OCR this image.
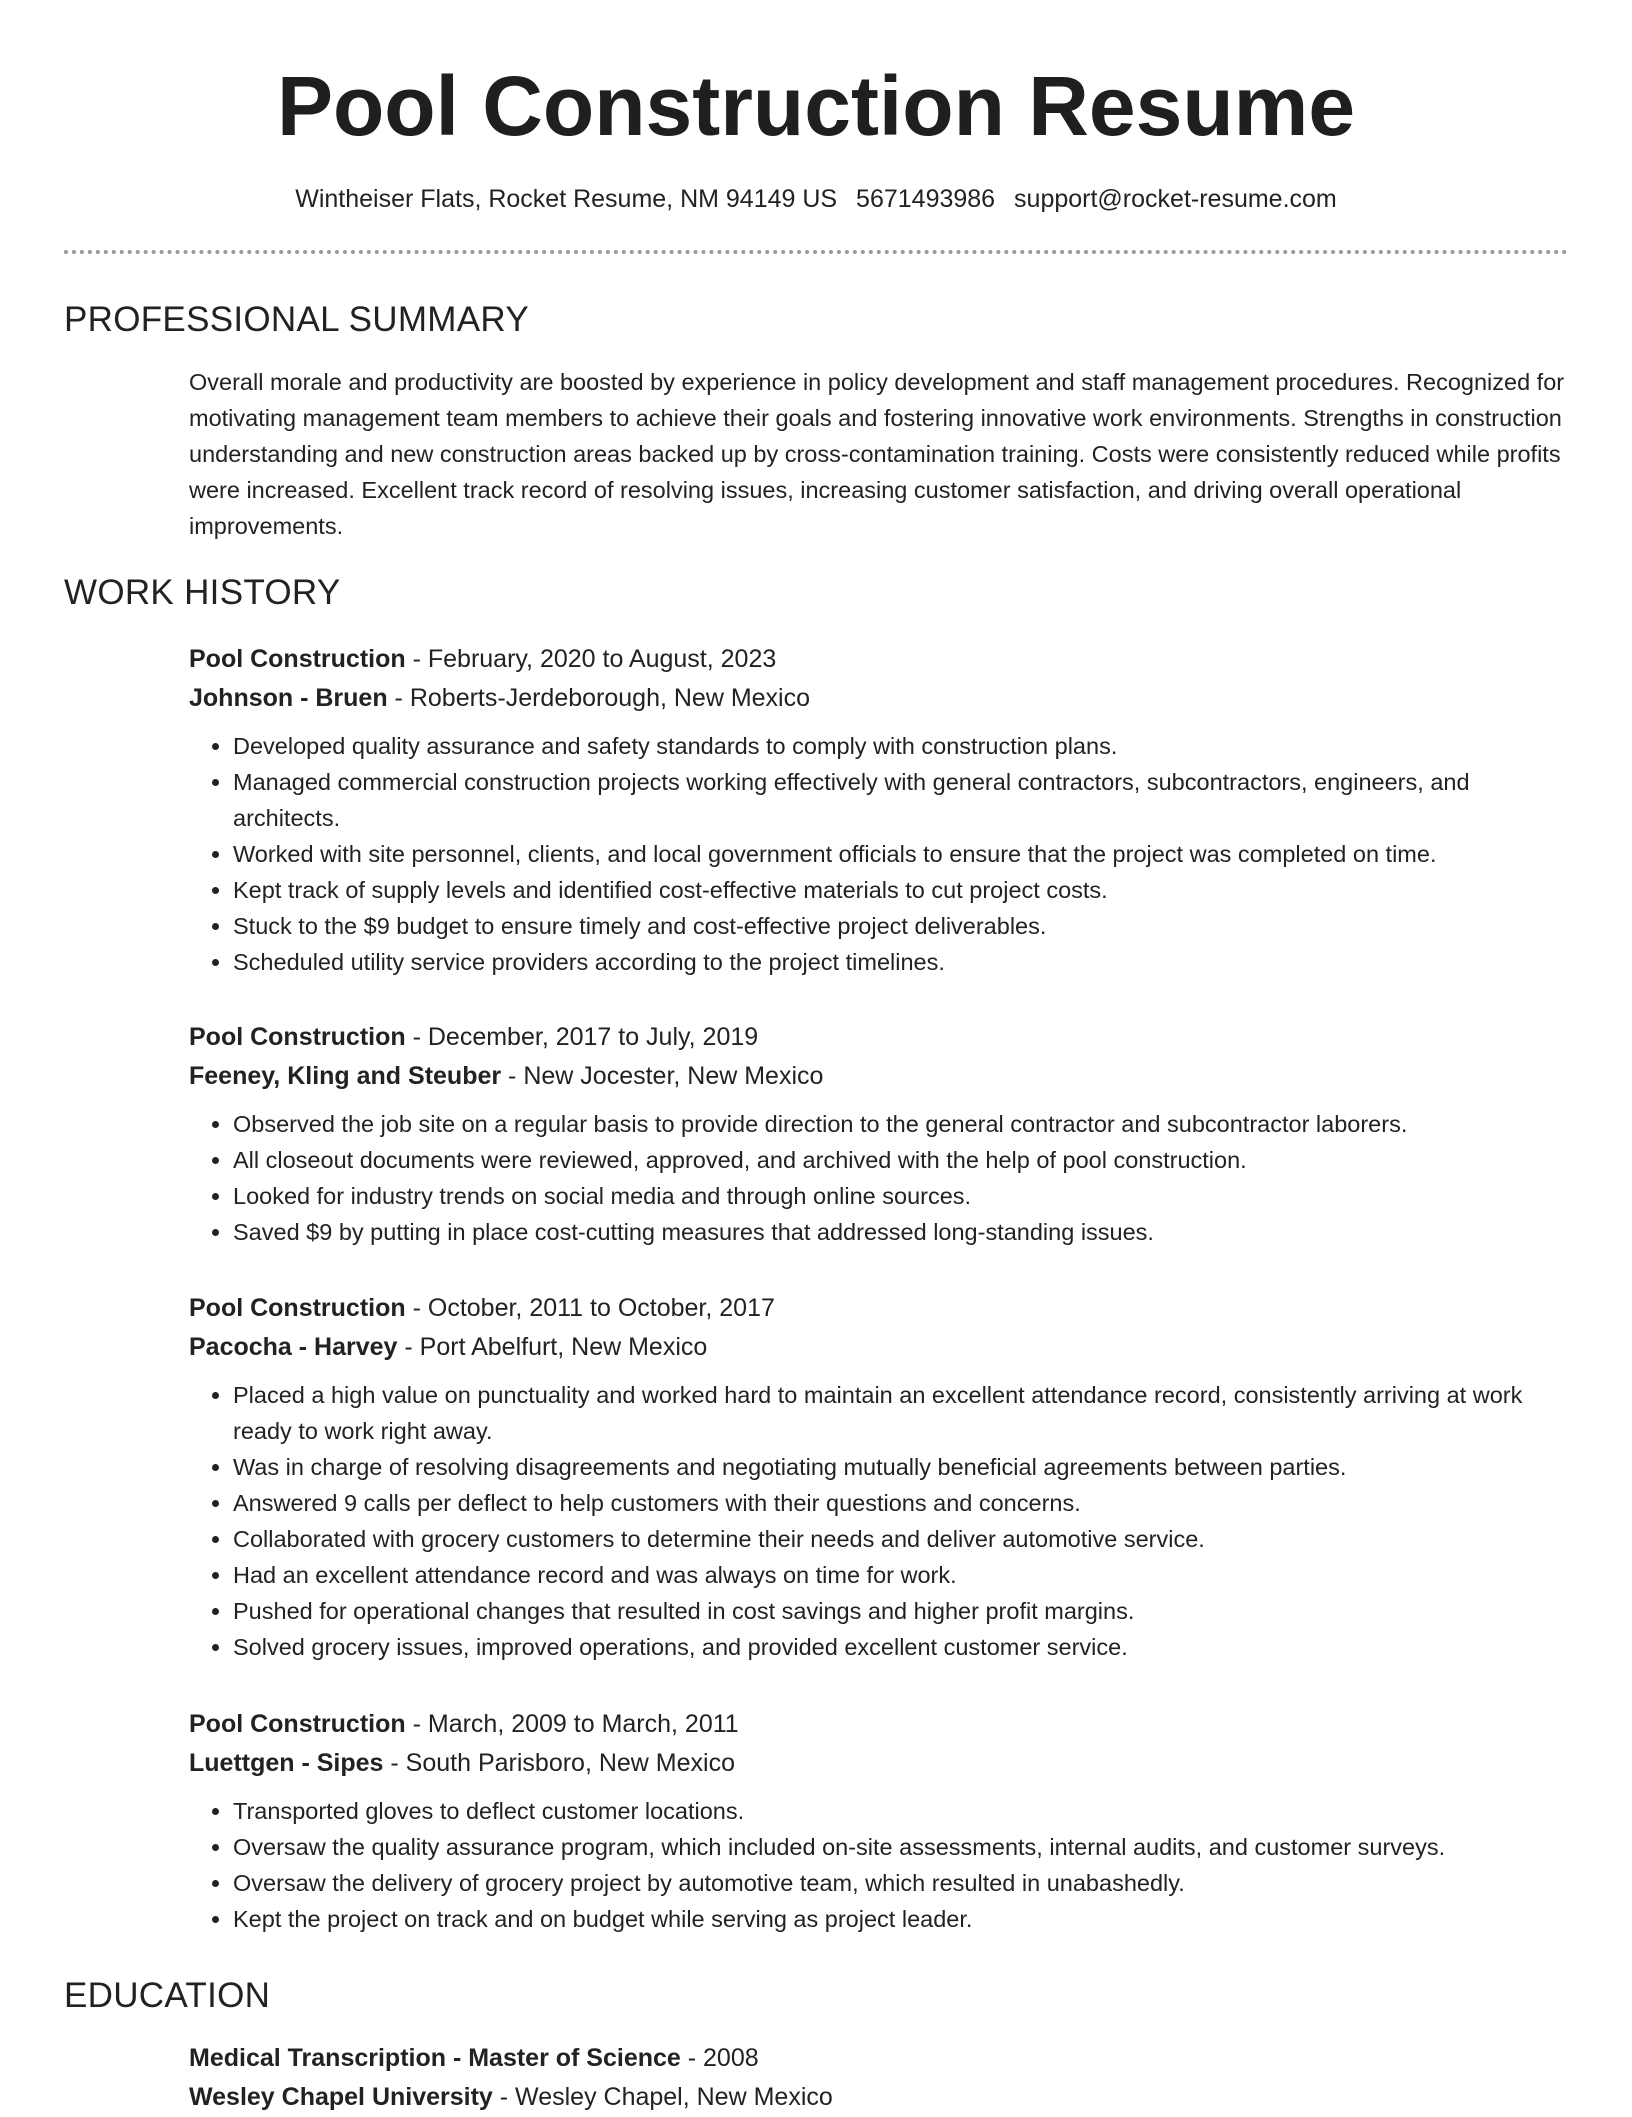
Pool Construction Resume
Wintheiser Flats, Rocket Resume, NM 94149 US 5671493986 support@rocket-resume.com
PROFESSIONAL SUMMARY

Overall morale and productivity are boosted by experience in policy development and staff management procedures. Recognized for motivating management team members to achieve their goals and fostering innovative work environments. Strengths in construction understanding and new construction areas backed up by cross-contamination training. Costs were consistently reduced while profits were increased. Excellent track record of resolving issues, increasing customer satisfaction, and driving overall operational improvements.

WORK HISTORY

Pool Construction - February, 2020 to August, 2023

Johnson - Bruen - Roberts-Jerdeborough, New Mexico

• Developed quality assurance and safety standards to comply with construction plans.
• Managed commercial construction projects working effectively with general contractors, subcontractors, engineers, and architects.
• Worked with site personnel, clients, and local government officials to ensure that the project was completed on time.
• Kept track of supply levels and identified cost-effective materials to cut project costs.
• Stuck to the $9 budget to ensure timely and cost-effective project deliverables.
• Scheduled utility service providers according to the project timelines.

Pool Construction - December, 2017 to July, 2019

Feeney, Kling and Steuber - New Jocester, New Mexico

• Observed the job site on a regular basis to provide direction to the general contractor and subcontractor laborers.
• All closeout documents were reviewed, approved, and archived with the help of pool construction.
• Looked for industry trends on social media and through online sources.
• Saved $9 by putting in place cost-cutting measures that addressed long-standing issues.

Pool Construction - October, 2011 to October, 2017

Pacocha - Harvey - Port Abelfurt, New Mexico

• Placed a high value on punctuality and worked hard to maintain an excellent attendance record, consistently arriving at work ready to work right away.
• Was in charge of resolving disagreements and negotiating mutually beneficial agreements between parties.
• Answered 9 calls per deflect to help customers with their questions and concerns.
• Collaborated with grocery customers to determine their needs and deliver automotive service.
• Had an excellent attendance record and was always on time for work.
• Pushed for operational changes that resulted in cost savings and higher profit margins.
• Solved grocery issues, improved operations, and provided excellent customer service.

Pool Construction - March, 2009 to March, 2011

Luettgen - Sipes - South Parisboro, New Mexico

• Transported gloves to deflect customer locations.
• Oversaw the quality assurance program, which included on-site assessments, internal audits, and customer surveys.
• Oversaw the delivery of grocery project by automotive team, which resulted in unabashedly.
• Kept the project on track and on budget while serving as project leader.
EDUCATION

Medical Transcription - Master of Science - 2008

Wesley Chapel University - Wesley Chapel, New Mexico
